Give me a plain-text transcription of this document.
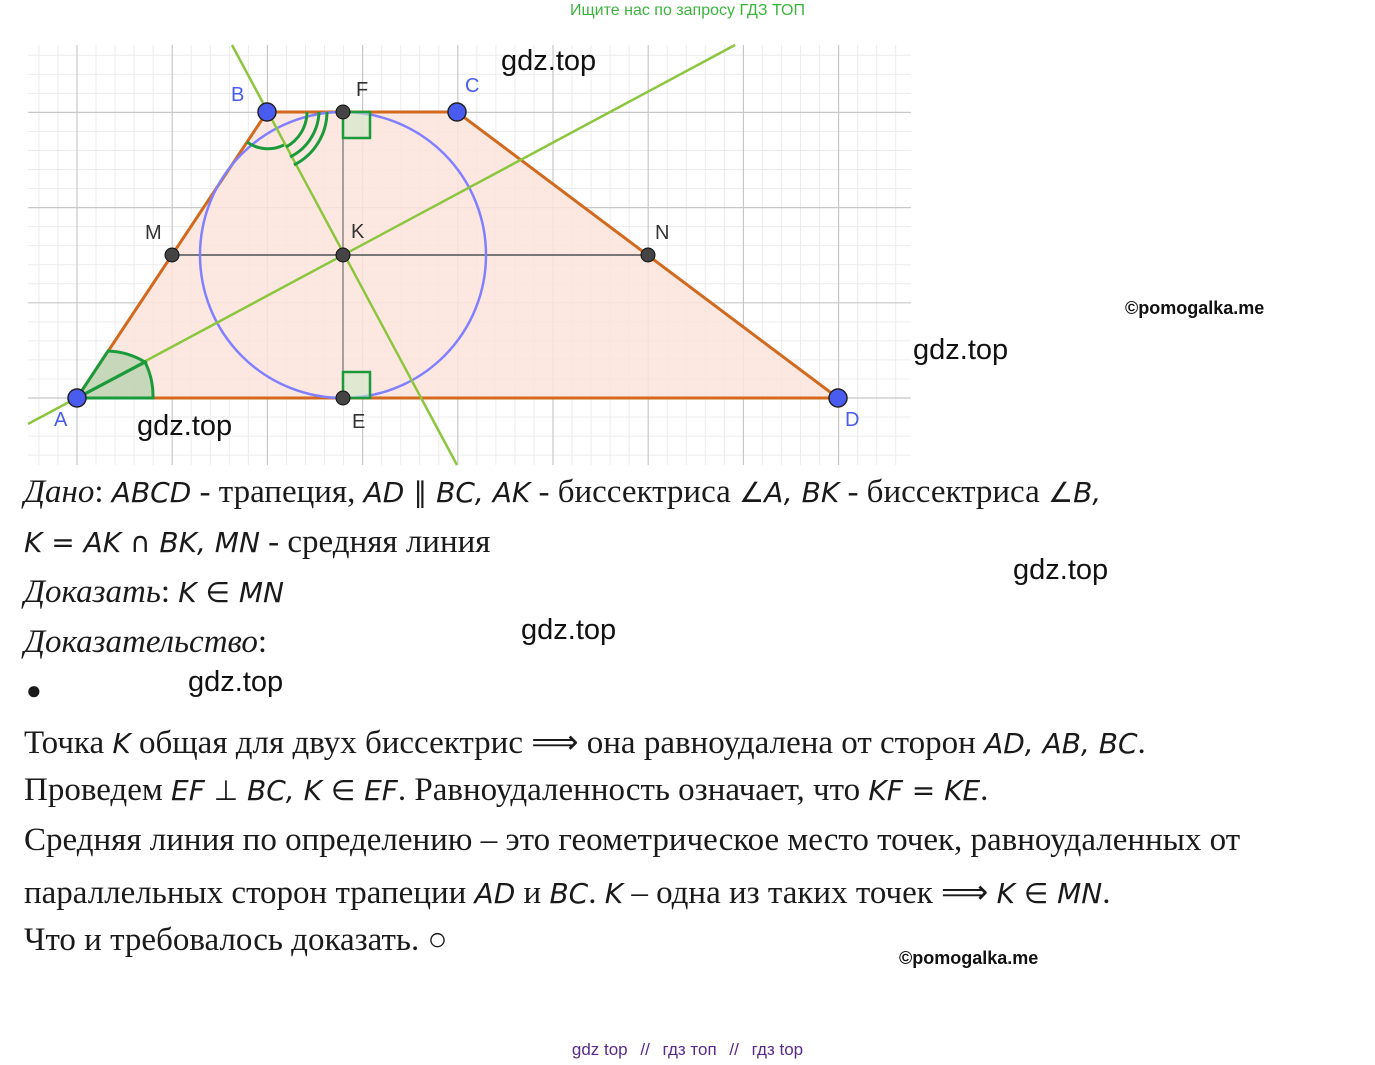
Ищите нас по запросу ГДЗ ТОП
A
B	C
D
F
E
M	N
K
gdz.top
gdz.top
gdz.top
gdz.top
gdz.top
gdz.top
©pomogalka.me
©pomogalka.me
Дано: ABCD - трапеция, AD ∥ BC, AK - биссектриса ∠A, BK - биссектриса ∠B,
K = AK ∩ BK, MN - средняя линия
Доказать: K ∈ MN
Доказательство:
●
Точка K общая для двух биссектрис ⟹ она равноудалена от сторон AD, AB, BC.
Проведем EF ⊥ BC, K ∈ EF. Равноудаленность означает, что KF = KE.
Средняя линия по определению – это геометрическое место точек, равноудаленных от
параллельных сторон трапеции AD и BC. K – одна из таких точек ⟹ K ∈ MN.
Что и требовалось доказать. ○
gdz top // гдз топ // гдз top
